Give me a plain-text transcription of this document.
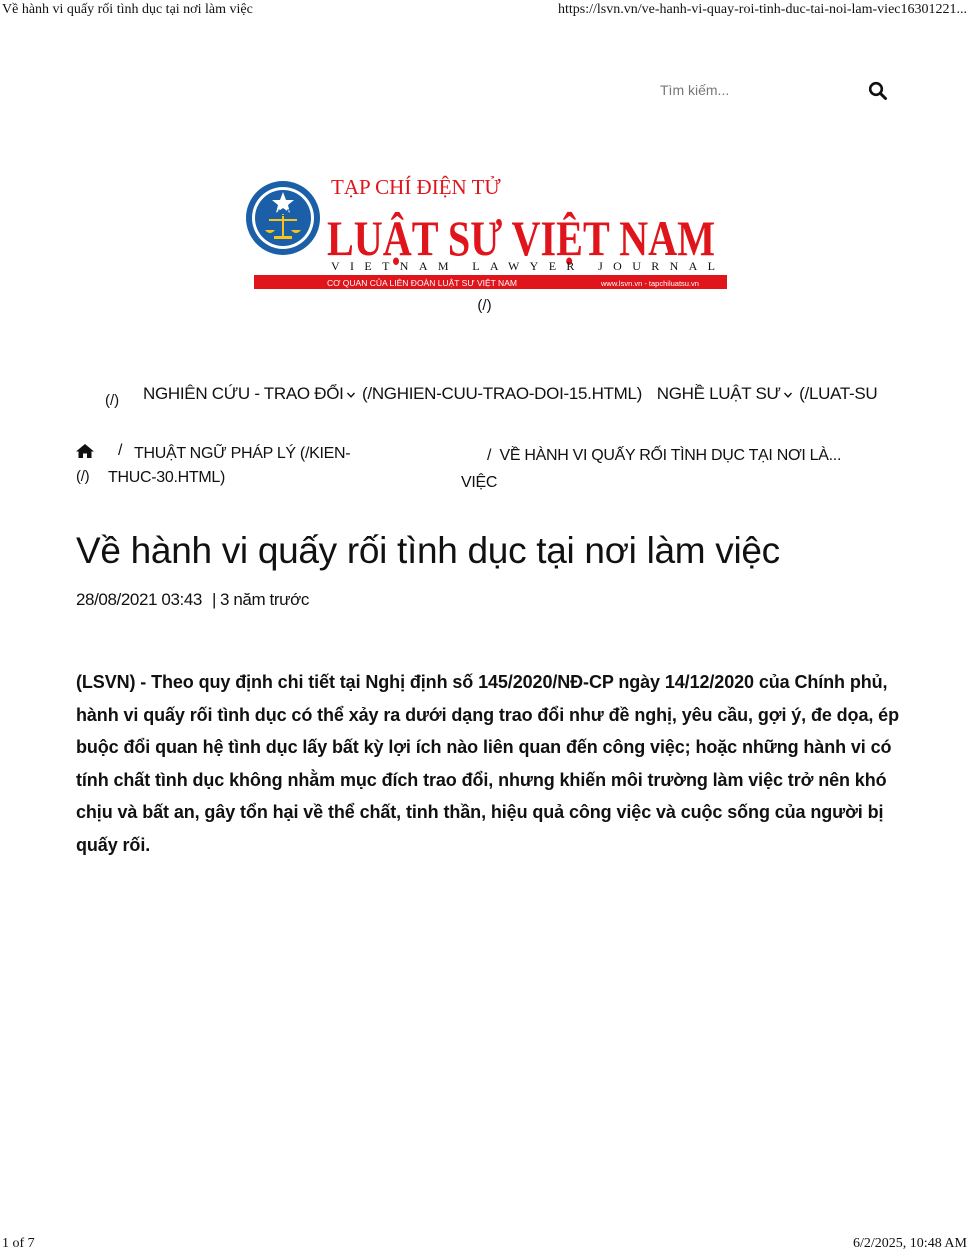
Về hành vi quấy rối tình dục tại nơi làm việc	https://lsvn.vn/ve-hanh-vi-quay-roi-tinh-duc-tai-noi-lam-viec16301221...
1 of 7	6/2/2025, 10:48 AM
Tìm kiếm...
VBF
TẠP CHÍ ĐIỆN TỬ
LUẬT SƯ VIỆT NAM
VIETNAM LAWYER JOURNAL
CƠ QUAN CỦA LIÊN ĐOÀN LUẬT SƯ VIỆT NAM	www.lsvn.vn - tapchiluatsu.vn
(/)
(/) NGHIÊN CỨU - TRAO ĐỔI (/NGHIEN-CUU-TRAO-DOI-15.HTML) NGHỀ LUẬT SƯ (/LUAT-SU
(/)
/ THUẬT NGỮ PHÁP LÝ (/KIEN-
THUC-30.HTML)
/ VỀ HÀNH VI QUẤY RỐI TÌNH DỤC TẠI NƠI LÀ...
VIỆC
Về hành vi quấy rối tình dục tại nơi làm việc
28/08/2021 03:43 | 3 năm trước

(LSVN) - Theo quy định chi tiết tại Nghị định số 145/2020/NĐ-CP ngày 14/12/2020 của Chính phủ, hành vi quấy rối tình dục có thể xảy ra dưới dạng trao đổi như đề nghị, yêu cầu, gợi ý, đe dọa, ép buộc đổi quan hệ tình dục lấy bất kỳ lợi ích nào liên quan đến công việc; hoặc những hành vi có tính chất tình dục không nhằm mục đích trao đổi, nhưng khiến môi trường làm việc trở nên khó chịu và bất an, gây tổn hại về thể chất, tinh thần, hiệu quả công việc và cuộc sống của người bị quấy rối.
